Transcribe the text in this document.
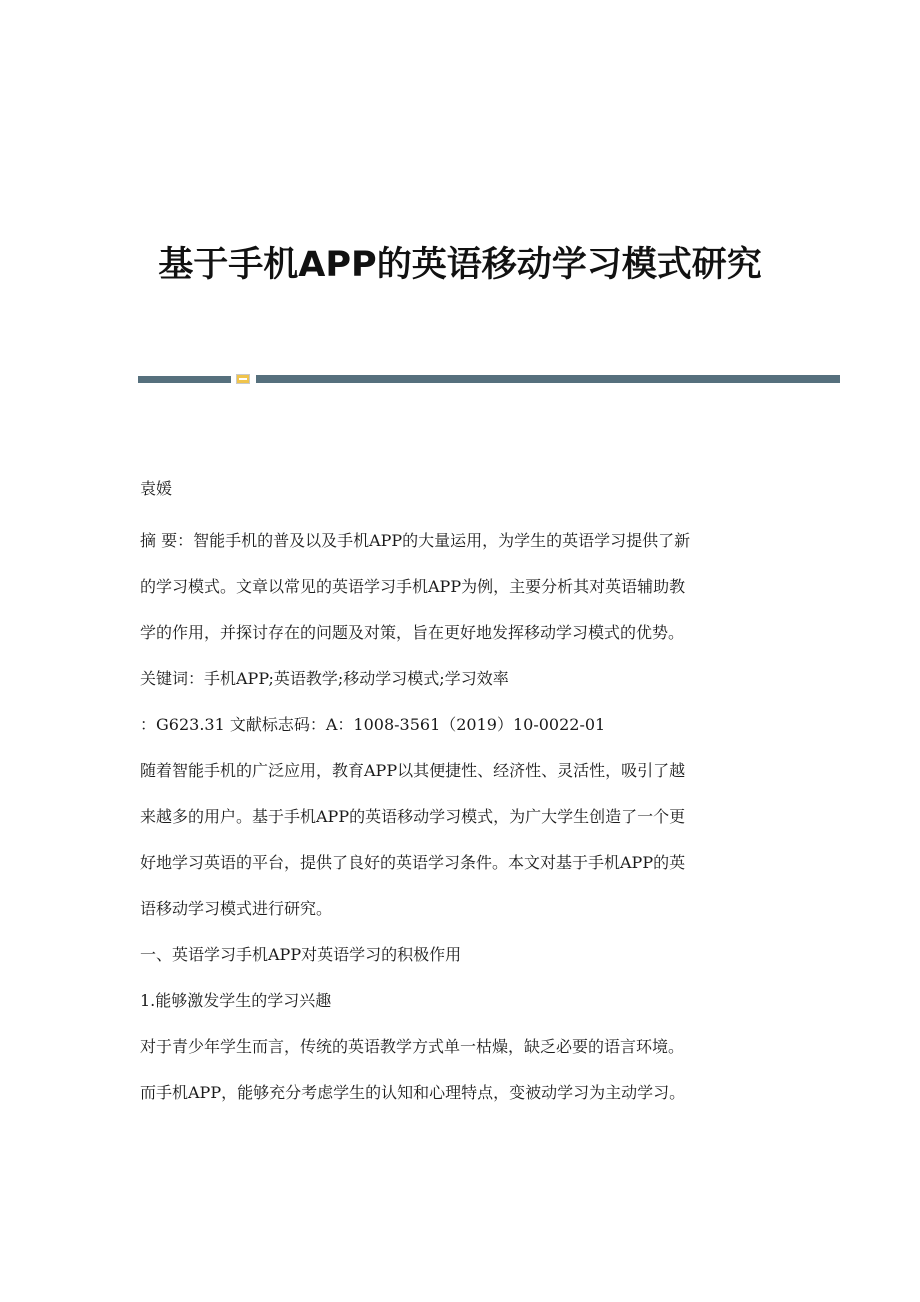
基于手机APP的英语移动学习模式研究

袁媛

摘 要：智能手机的普及以及手机APP的大量运用，为学生的英语学习提供了新

的学习模式。文章以常见的英语学习手机APP为例，主要分析其对英语辅助教

学的作用，并探讨存在的问题及对策，旨在更好地发挥移动学习模式的优势。

关键词：手机APP;英语教学;移动学习模式;学习效率

：G623.31 文献标志码：A：1008-3561（2019）10-0022-01

随着智能手机的广泛应用，教育APP以其便捷性、经济性、灵活性，吸引了越

来越多的用户。基于手机APP的英语移动学习模式，为广大学生创造了一个更

好地学习英语的平台，提供了良好的英语学习条件。本文对基于手机APP的英

语移动学习模式进行研究。

一、英语学习手机APP对英语学习的积极作用

1.能够激发学生的学习兴趣

对于青少年学生而言，传统的英语教学方式单一枯燥，缺乏必要的语言环境。

而手机APP，能够充分考虑学生的认知和心理特点，变被动学习为主动学习。
